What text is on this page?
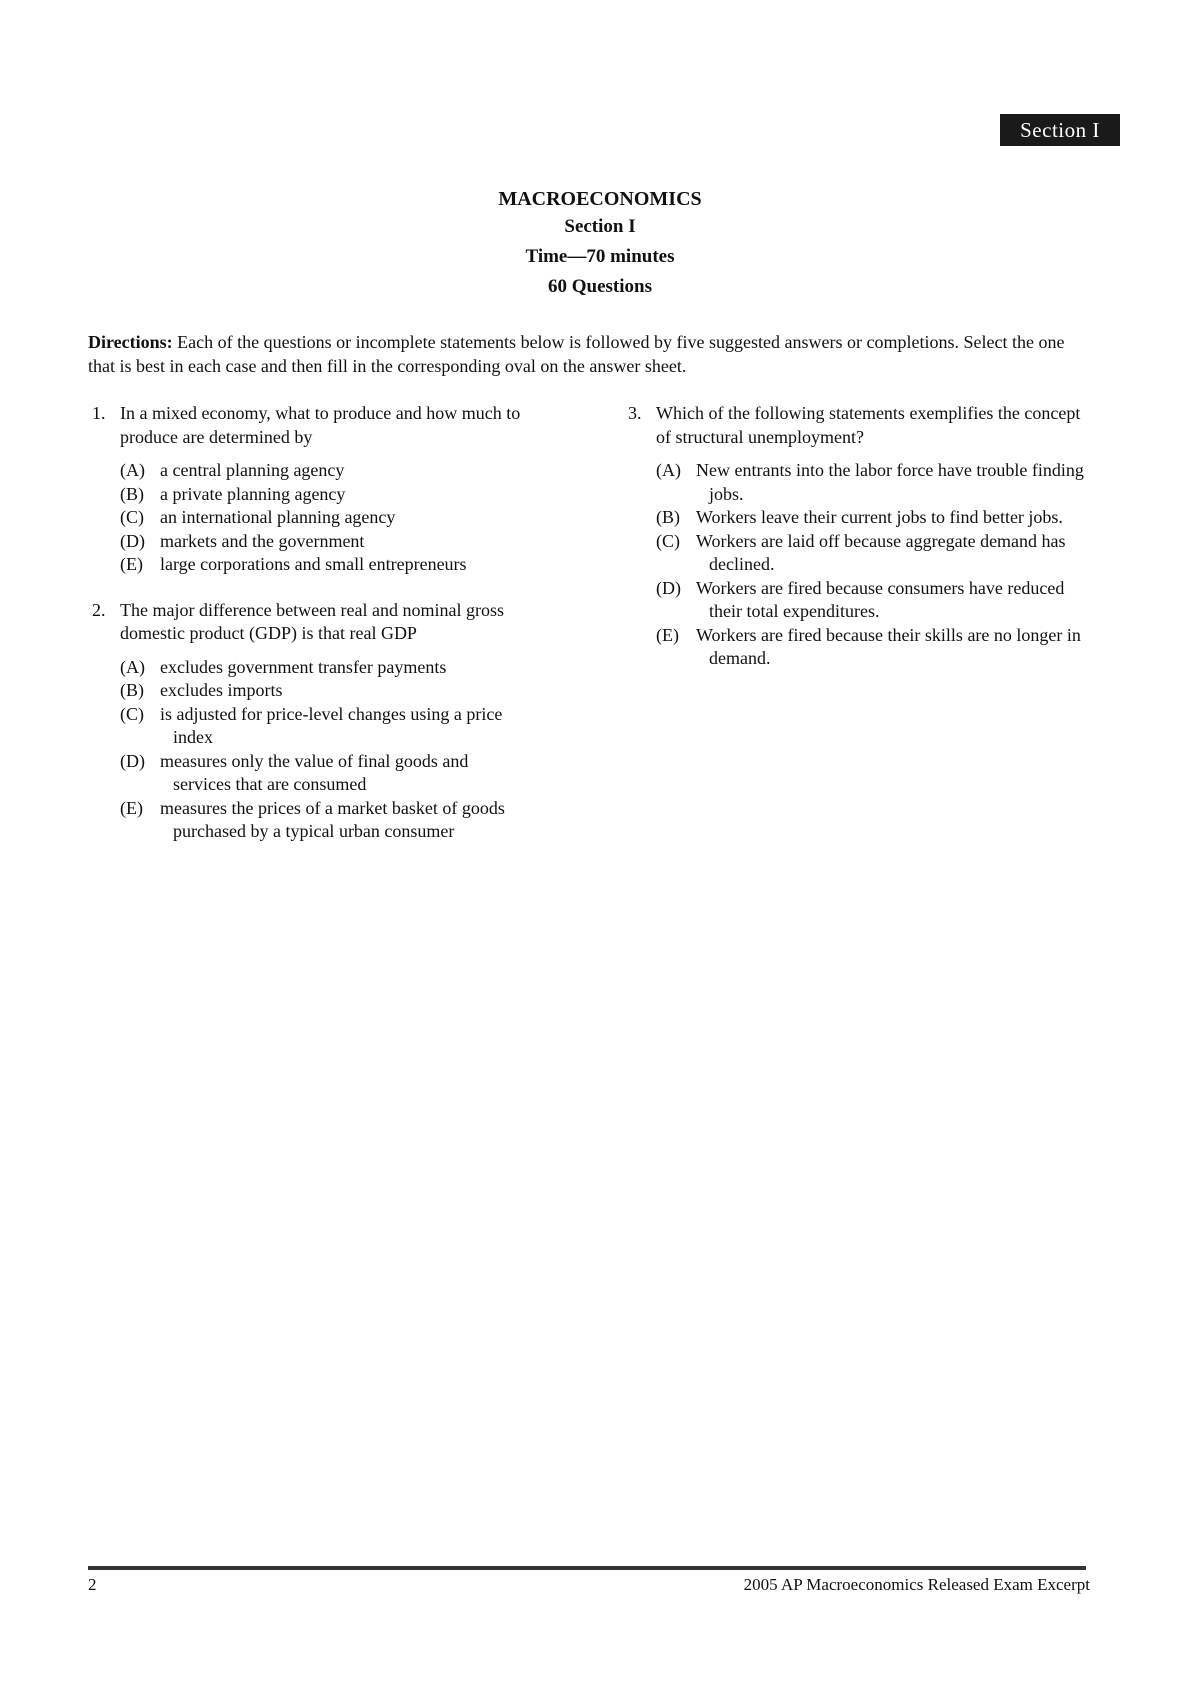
Section I
MACROECONOMICS
Section I
Time—70 minutes
60 Questions
Directions: Each of the questions or incomplete statements below is followed by five suggested answers or completions. Select the one that is best in each case and then fill in the corresponding oval on the answer sheet.
1. In a mixed economy, what to produce and how much to produce are determined by
(A) a central planning agency
(B) a private planning agency
(C) an international planning agency
(D) markets and the government
(E) large corporations and small entrepreneurs
2. The major difference between real and nominal gross domestic product (GDP) is that real GDP
(A) excludes government transfer payments
(B) excludes imports
(C) is adjusted for price-level changes using a price index
(D) measures only the value of final goods and services that are consumed
(E) measures the prices of a market basket of goods purchased by a typical urban consumer
3. Which of the following statements exemplifies the concept of structural unemployment?
(A) New entrants into the labor force have trouble finding jobs.
(B) Workers leave their current jobs to find better jobs.
(C) Workers are laid off because aggregate demand has declined.
(D) Workers are fired because consumers have reduced their total expenditures.
(E) Workers are fired because their skills are no longer in demand.
2	2005 AP Macroeconomics Released Exam Excerpt
